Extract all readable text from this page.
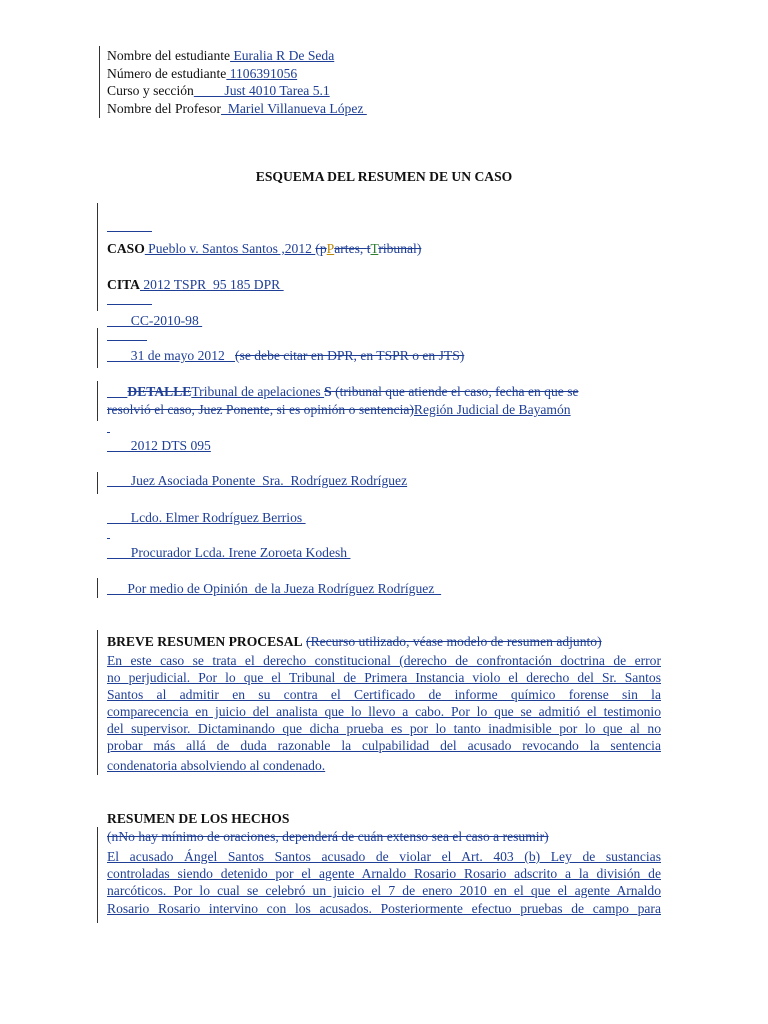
Nombre del estudiante Euralia R De Seda
Número de estudiante 1106391056
Curso y sección         Just 4010 Tarea 5.1
Nombre del Profesor  Mariel Villanueva López
ESQUEMA DEL RESUMEN DE UN CASO
CASO Pueblo v. Santos Santos ,2012 (pPartes, tTribunal)
CITA 2012 TSPR  95 185 DPR
CC-2010-98
31 de mayo 2012   (se debe citar en DPR, en TSPR o en JTS)
DETALLETribunal de apelaciones S (tribunal que atiende el caso, fecha en que se
resolvió el caso, Juez Ponente, si es opinión o sentencia)Región Judicial de Bayamón
2012 DTS 095
Juez Asociada Ponente  Sra.  Rodríguez Rodríguez
Lcdo. Elmer Rodríguez Berrios
Procurador Lcda. Irene Zoroeta Kodesh
Por medio de Opinión  de la Jueza Rodríguez Rodríguez
BREVE RESUMEN PROCESAL (Recurso utilizado, véase modelo de resumen adjunto)
En este caso se trata el derecho constitucional (derecho de confrontación doctrina de error
no perjudicial. Por lo que el Tribunal de Primera Instancia violo el derecho del Sr. Santos
Santos al admitir en su contra el Certificado de informe químico forense sin la
comparecencia en juicio del analista que lo llevo a cabo. Por lo que se admitió el testimonio
del supervisor. Dictaminando que dicha prueba es por lo tanto inadmisible por lo que al no
probar más allá de duda razonable la culpabilidad del acusado revocando la sentencia
condenatoria absolviendo al condenado.
RESUMEN DE LOS HECHOS
(nNo hay mínimo de oraciones, dependerá de cuán extenso sea el caso a resumir)
El acusado Ángel Santos Santos acusado de violar el Art. 403 (b) Ley de sustancias
controladas siendo detenido por el agente Arnaldo Rosario Rosario adscrito a la división de
narcóticos. Por lo cual se celebró un juicio el 7 de enero 2010 en el que el agente Arnaldo
Rosario Rosario intervino con los acusados. Posteriormente efectuo pruebas de campo para
